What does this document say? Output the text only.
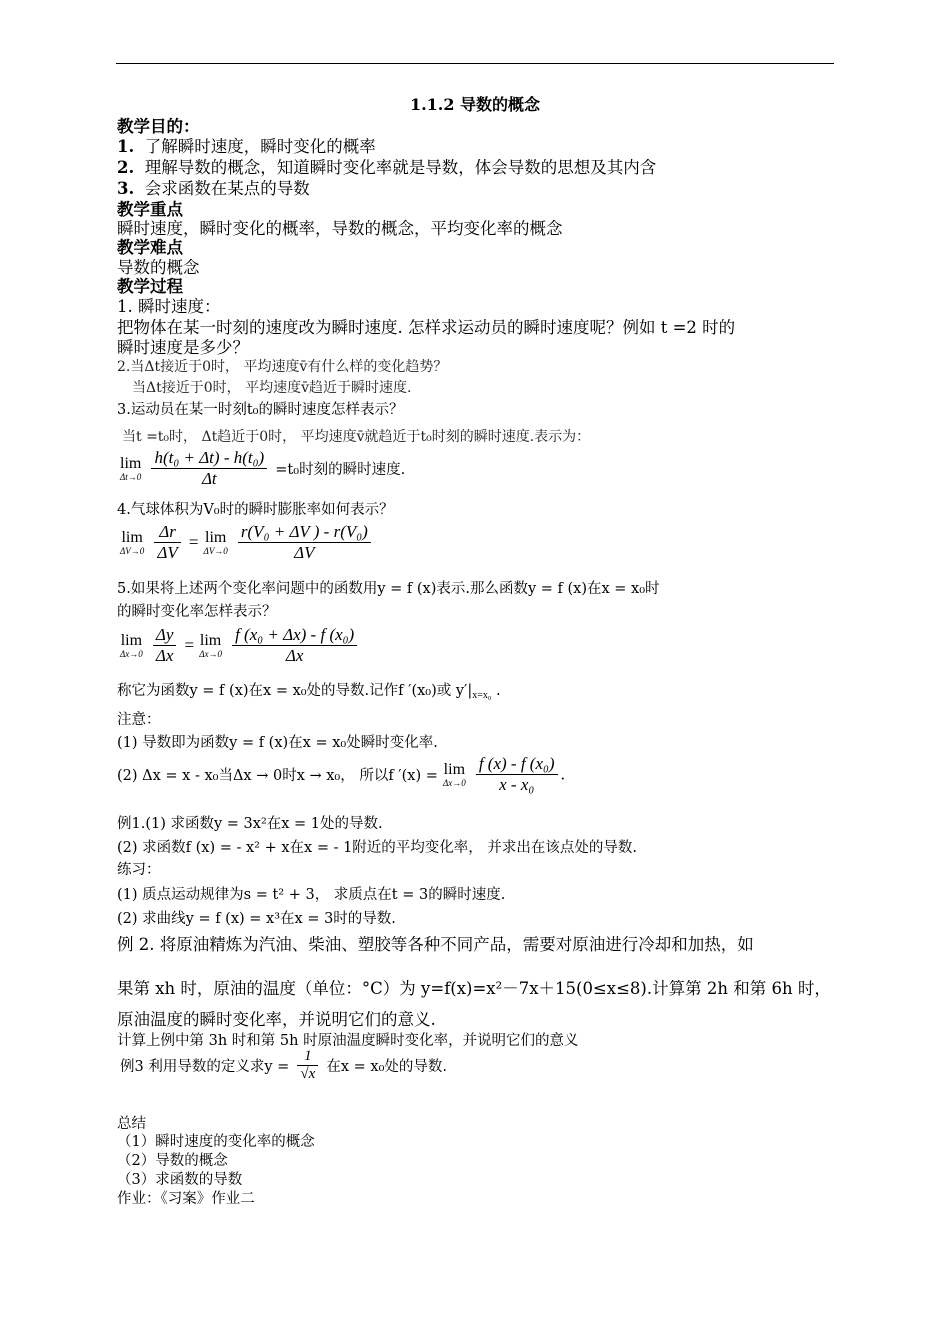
1.1.2 导数的概念
教学目的：
1. 了解瞬时速度，瞬时变化的概率
2. 理解导数的概念，知道瞬时变化率就是导数，体会导数的思想及其内含
3. 会求函数在某点的导数
教学重点
瞬时速度，瞬时变化的概率，导数的概念，平均变化率的概念
教学难点
导数的概念
教学过程
1. 瞬时速度：
把物体在某一时刻的速度改为瞬时速度. 怎样求运动员的瞬时速度呢？例如 t =2 时的
瞬时速度是多少？
2.当Δt接近于0时， 平均速度v̄有什么样的变化趋势？
当Δt接近于0时， 平均速度v̄趋近于瞬时速度.
3.运动员在某一时刻t₀的瞬时速度怎样表示？
当t =t₀时， Δt趋近于0时， 平均速度v̄就趋近于t₀时刻的瞬时速度.表示为：
lim
Δt→0
$\frac{\text{h(t₀ + Δt) - h(t₀)}}{\Delta t} =t_0$时刻的瞬时速度.
4.气球体积为V₀时的瞬时膨胀率如何表示？
lim
ΔV→0
$\frac{\Delta r}{\Delta V} = \lim$
ΔV→0
$\frac{\text{r(V₀ + ΔV ) - r(V₀)}}{\Delta V}$
5.如果将上述两个变化率问题中的函数用y = f (x)表示.那么函数y = f (x)在x = x₀时
的瞬时变化率怎样表示？
lim
Δx→0
$\frac{\Delta y}{\Delta x} = \lim$
Δx→0
$\frac{\text{f (x₀ + Δx) - f (x₀)}}{\Delta x}$
称它为函数y = f (x)在x = x₀处的导数.记作f ′(x₀)或 $y'|_{x=x_0}$ .
注意：
(1) 导数即为函数y = f (x)在x = x₀处瞬时变化率.
(2) Δx = x - x₀当Δx → 0时x → x₀， 所以f ′(x) = lim
Δx→0
$\frac{\text{f (x) - f (x₀)}}{\text{x - x₀}}$ .
例1.(1) 求函数y = 3x²在x = 1处的导数.
(2) 求函数f (x) = - x² + x在x = - 1附近的平均变化率， 并求出在该点处的导数.
练习：
(1) 质点运动规律为s = t² + 3， 求质点在t = 3的瞬时速度.
(2) 求曲线y = f (x) = x³在x = 3时的导数.
例 2. 将原油精炼为汽油、柴油、塑胶等各种不同产品，需要对原油进行冷却和加热，如
果第 xh 时，原油的温度（单位：°C）为 y=f(x)=x²－7x＋15(0≤x≤8).计算第 2h 和第 6h 时，
原油温度的瞬时变化率，并说明它们的意义.
计算上例中第 3h 时和第 5h 时原油温度瞬时变化率，并说明它们的意义
例3 利用导数的定义求$y = \frac{1}{√x}$ 在x = x₀处的导数.
总结
（1）瞬时速度的变化率的概念
（2）导数的概念
（3）求函数的导数
作业：《习案》作业二
